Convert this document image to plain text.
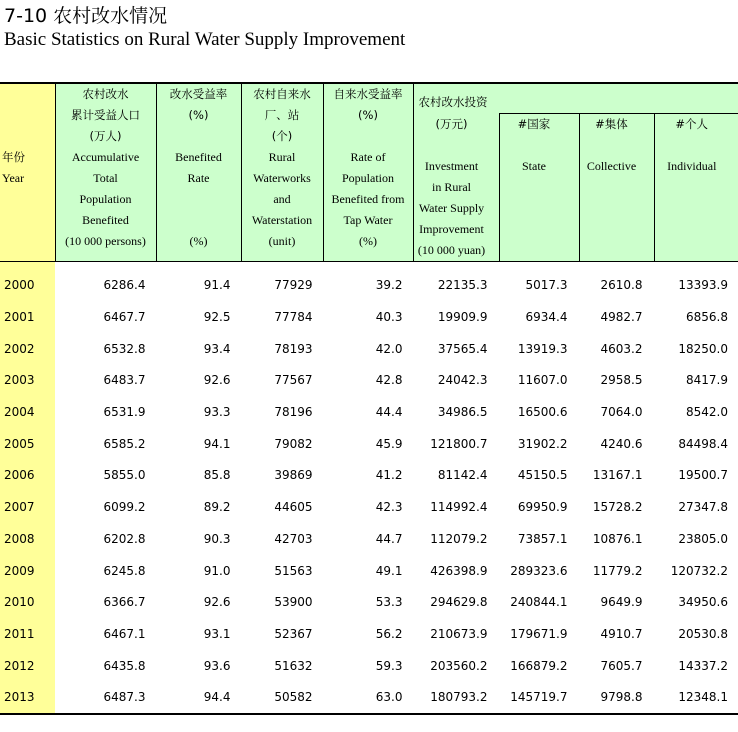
7-10 农村改水情况
Basic Statistics on Rural Water Supply Improvement
年份
Year

农村改水
累计受益人口
(万人)
Accumulative
Total
Population
Benefited
(10 000 persons)

改水受益率
(%)
Benefited
Rate
(%)

农村自来水
厂、站
(个)
Rural
Waterworks
and
Waterstation
(unit)

自来水受益率
(%)
Rate of
Population
Benefited from
Tap Water
(%)

农村改水投资

(万元)
Investment
in Rural
Water Supply
Improvement
(10 000 yuan)

#国家
State

#集体
Collective

#个人
Individual

2000	6286.4	91.4	77929	39.2	22135.3	5017.3	2610.8	13393.9
2001	6467.7	92.5	77784	40.3	19909.9	6934.4	4982.7	6856.8
2002	6532.8	93.4	78193	42.0	37565.4	13919.3	4603.2	18250.0
2003	6483.7	92.6	77567	42.8	24042.3	11607.0	2958.5	8417.9
2004	6531.9	93.3	78196	44.4	34986.5	16500.6	7064.0	8542.0
2005	6585.2	94.1	79082	45.9	121800.7	31902.2	4240.6	84498.4
2006	5855.0	85.8	39869	41.2	81142.4	45150.5	13167.1	19500.7
2007	6099.2	89.2	44605	42.3	114992.4	69950.9	15728.2	27347.8
2008	6202.8	90.3	42703	44.7	112079.2	73857.1	10876.1	23805.0
2009	6245.8	91.0	51563	49.1	426398.9	289323.6	11779.2	120732.2
2010	6366.7	92.6	53900	53.3	294629.8	240844.1	9649.9	34950.6
2011	6467.1	93.1	52367	56.2	210673.9	179671.9	4910.7	20530.8
2012	6435.8	93.6	51632	59.3	203560.2	166879.2	7605.7	14337.2
2013	6487.3	94.4	50582	63.0	180793.2	145719.7	9798.8	12348.1
